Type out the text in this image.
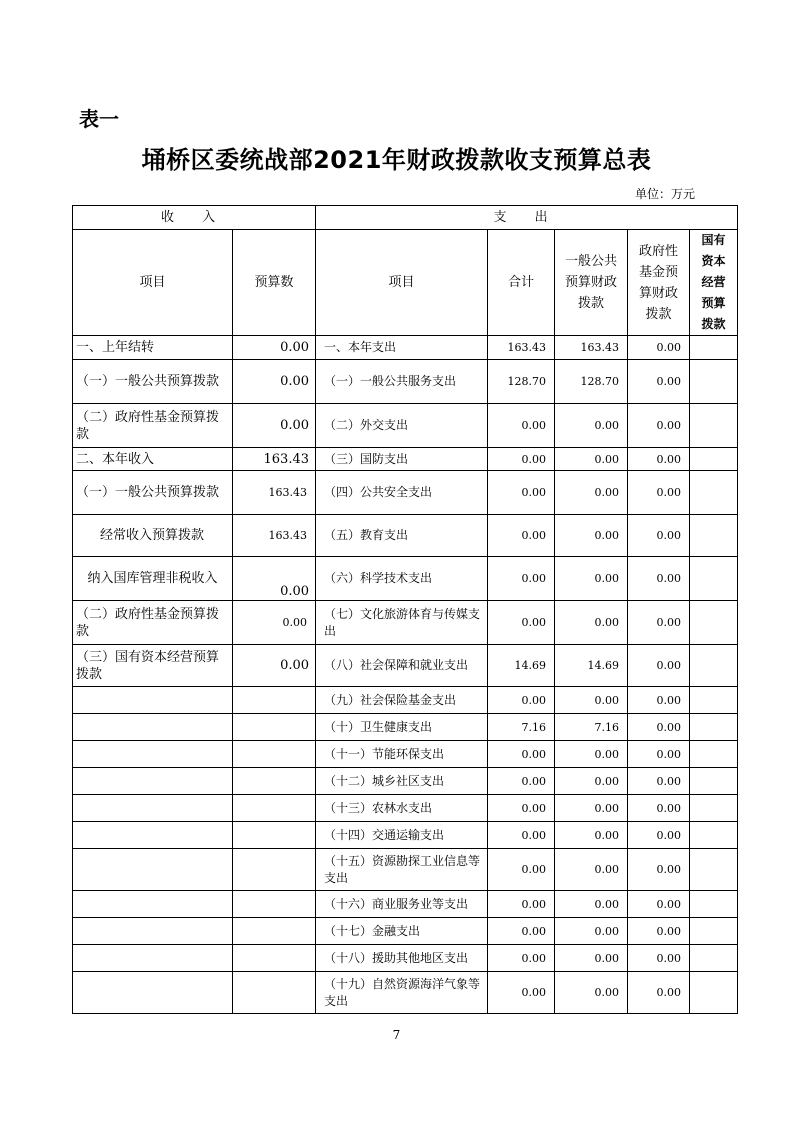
表一
埇桥区委统战部2021年财政拨款收支预算总表
单位：万元
收 入		支 出				
项目	预算数	项目	合计	一般公共预算财政拨款	政府性基金预算财政拨款	国有资本经营预算拨款
一、上年结转	0.00	一、本年支出	163.43	163.43	0.00	
（一）一般公共预算拨款	0.00	（一）一般公共服务支出	128.70	128.70	0.00	
（二）政府性基金预算拨款	0.00	（二）外交支出	0.00	0.00	0.00	
二、本年收入	163.43	（三）国防支出	0.00	0.00	0.00	
（一）一般公共预算拨款	163.43	（四）公共安全支出	0.00	0.00	0.00	
经常收入预算拨款	163.43	（五）教育支出	0.00	0.00	0.00	
纳入国库管理非税收入	0.00	（六）科学技术支出	0.00	0.00	0.00	
（二）政府性基金预算拨款	0.00	（七）文化旅游体育与传媒支出	0.00	0.00	0.00	
（三）国有资本经营预算拨款	0.00	（八）社会保障和就业支出	14.69	14.69	0.00	
		（九）社会保险基金支出	0.00	0.00	0.00	
		（十）卫生健康支出	7.16	7.16	0.00	
		（十一）节能环保支出	0.00	0.00	0.00	
		（十二）城乡社区支出	0.00	0.00	0.00	
		（十三）农林水支出	0.00	0.00	0.00	
		（十四）交通运输支出	0.00	0.00	0.00	
		（十五）资源勘探工业信息等支出	0.00	0.00	0.00	
		（十六）商业服务业等支出	0.00	0.00	0.00	
		（十七）金融支出	0.00	0.00	0.00	
		（十八）援助其他地区支出	0.00	0.00	0.00	
		（十九）自然资源海洋气象等支出	0.00	0.00	0.00	
7
